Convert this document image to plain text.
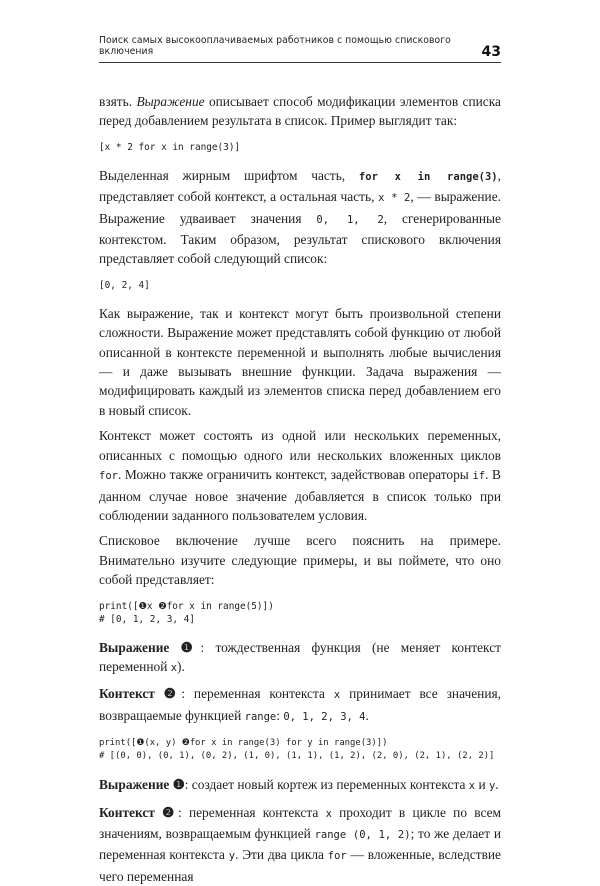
Поиск самых высокооплачиваемых работников с помощью спискового включения	43

взять. Выражение описывает способ модификации элементов списка перед добавлением результата в список. Пример выглядит так:

[x * 2 for x in range(3)]

Выделенная жирным шрифтом часть, for x in range(3), представляет собой контекст, а остальная часть, x * 2, — выражение. Выражение удваивает значения 0, 1, 2, сгенерированные контекстом. Таким образом, результат спискового включения представляет собой следующий список:

[0, 2, 4]

Как выражение, так и контекст могут быть произвольной степени сложности. Выражение может представлять собой функцию от любой описанной в контексте переменной и выполнять любые вычисления — и даже вызывать внешние функции. Задача выражения — модифицировать каждый из элементов списка перед добавлением его в новый список.

Контекст может состоять из одной или нескольких переменных, описанных с помощью одного или нескольких вложенных циклов for. Можно также ограничить контекст, задействовав операторы if. В данном случае новое значение добавляется в список только при соблюдении заданного пользователем условия.

Списковое включение лучше всего пояснить на примере. Внимательно изучите следующие примеры, и вы поймете, что оно собой представляет:

print([❶x ❷for x in range(5)])
# [0, 1, 2, 3, 4]

Выражение ❶: тождественная функция (не меняет контекст переменной x).

Контекст ❷: переменная контекста x принимает все значения, возвращаемые функцией range: 0, 1, 2, 3, 4.

print([❶(x, y) ❷for x in range(3) for y in range(3)])
# [(0, 0), (0, 1), (0, 2), (1, 0), (1, 1), (1, 2), (2, 0), (2, 1), (2, 2)]

Выражение ❶: создает новый кортеж из переменных контекста x и y.

Контекст ❷: переменная контекста x проходит в цикле по всем значениям, возвращаемым функцией range (0, 1, 2); то же делает и переменная контекста y. Эти два цикла for — вложенные, вследствие чего переменная
